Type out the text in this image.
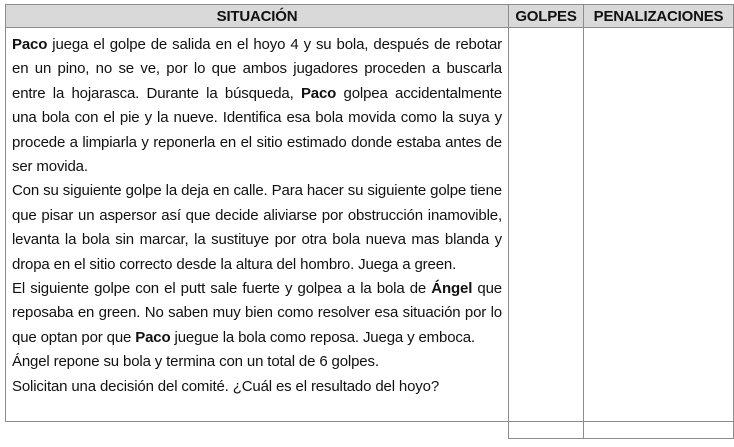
SITUACIÓN	GOLPES	PENALIZACIONES

Paco juega el golpe de salida en el hoyo 4 y su bola, después de rebotar en un pino, no se ve, por lo que ambos jugadores proceden a buscarla entre la hojarasca. Durante la búsqueda, Paco golpea accidentalmente una bola con el pie y la nueve. Identifica esa bola movida como la suya y procede a limpiarla y reponerla en el sitio estimado donde estaba antes de ser movida.

Con su siguiente golpe la deja en calle. Para hacer su siguiente golpe tiene que pisar un aspersor así que decide aliviarse por obstrucción inamovible, levanta la bola sin marcar, la sustituye por otra bola nueva mas blanda y dropa en el sitio correcto desde la altura del hombro. Juega a green.

El siguiente golpe con el putt sale fuerte y golpea a la bola de Ángel que reposaba en green. No saben muy bien como resolver esa situación por lo que optan por que Paco juegue la bola como reposa. Juega y emboca.

Ángel repone su bola y termina con un total de 6 golpes.

Solicitan una decisión del comité. ¿Cuál es el resultado del hoyo?		
